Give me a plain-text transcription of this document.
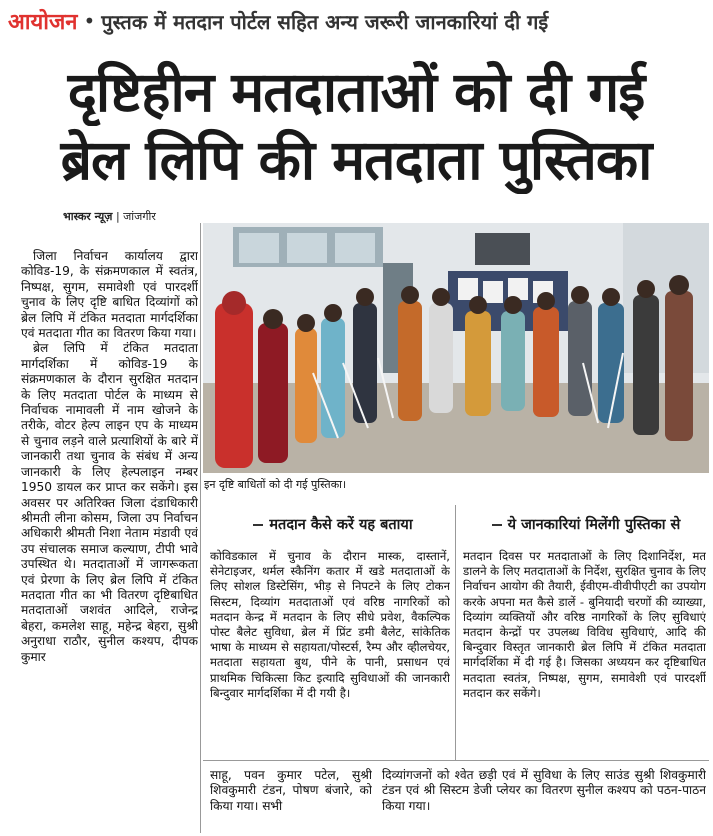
आयोजन • पुस्तक में मतदान पोर्टल सहित अन्य जरूरी जानकारियां दी गई
दृष्टिहीन मतदाताओं को दी गई
ब्रेल लिपि की मतदाता पुस्तिका
भास्कर न्यूज़ | जांजगीर

जिला निर्वाचन कार्यालय द्वारा कोविड-19, के संक्रमणकाल में स्वतंत्र, निष्पक्ष, सुगम, समावेशी एवं पारदर्शी चुनाव के लिए दृष्टि बाधित दिव्यांगों को ब्रेल लिपि में टंकित मतदाता मार्गदर्शिका एवं मतदाता गीत का वितरण किया गया।

ब्रेल लिपि में टंकित मतदाता मार्गदर्शिका में कोविड-19 के संक्रमणकाल के दौरान सुरक्षित मतदान के लिए मतदाता पोर्टल के माध्यम से निर्वाचक नामावली में नाम खोजने के तरीके, वोटर हेल्प लाइन एप के माध्यम से चुनाव लड़ने वाले प्रत्याशियों के बारे में जानकारी तथा चुनाव के संबंध में अन्य जानकारी के लिए हेल्पलाइन नम्बर 1950 डायल कर प्राप्त कर सकेंगे। इस अवसर पर अतिरिक्त जिला दंडाधिकारी श्रीमती लीना कोसम, जिला उप निर्वाचन अधिकारी श्रीमती निशा नेताम मंडावी एवं उप संचालक समाज कल्याण, टीपी भावे उपस्थित थे। मतदाताओं में जागरूकता एवं प्रेरणा के लिए ब्रेल लिपि में टंकित मतदाता गीत का भी वितरण दृष्टिबाधित मतदाताओं जशवंत आदिले, राजेन्द्र बेहरा, कमलेश साहू, महेन्द्र बेहरा, सुश्री अनुराधा राठौर, सुनील कश्यप, दीपक कुमार

इन दृष्टि बाधितों को दी गई पुस्तिका।
मतदान कैसे करें यह बताया
कोविडकाल में चुनाव के दौरान मास्क, दास्तानें, सेनेटाइजर, थर्मल स्कैनिंग कतार में खडे मतदाताओं के लिए सोशल डिस्टेसिंग, भीड़ से निपटने के लिए टोकन सिस्टम, दिव्यांग मतदाताओं एवं वरिष्ठ नागरिकों को मतदान केन्द्र में मतदान के लिए सीधे प्रवेश, वैकल्पिक पोस्ट बैलेट सुविधा, ब्रेल में प्रिंट डमी बैलेट, सांकेतिक भाषा के माध्यम से सहायता/पोस्टर्स, रैम्प और व्हीलचेयर, मतदाता सहायता बुथ, पीने के पानी, प्रसाधन एवं प्राथमिक चिकित्सा किट इत्यादि सुविधाओं की जानकारी बिन्दुवार मार्गदर्शिका में दी गयी है।
ये जानकारियां मिलेंगी पुस्तिका से
मतदान दिवस पर मतदाताओं के लिए दिशानिर्देश, मत डालने के लिए मतदाताओं के निर्देश, सुरक्षित चुनाव के लिए निर्वाचन आयोग की तैयारी, ईवीएम-वीवीपीएटी का उपयोग करके अपना मत कैसे डालें - बुनियादी चरणों की व्याख्या, दिव्यांग व्यक्तियों और वरिष्ठ नागरिकों के लिए सुविधाएं मतदान केन्द्रों पर उपलब्ध विविध सुविधाएं, आदि की बिन्दुवार विस्तृत जानकारी ब्रेल लिपि में टंकित मतदाता मार्गदर्शिका में दी गई है। जिसका अध्ययन कर दृष्टिबाधित मतदाता स्वतंत्र, निष्पक्ष, सुगम, समावेशी एवं पारदर्शी मतदान कर सकेंगे।
साहू, पवन कुमार पटेल, सुश्री शिवकुमारी टंडन, पोषण बंजारे, को किया गया। सभी
दिव्यांगजनों को श्वेत छड़ी एवं में सुविधा के लिए साउंड सुश्री शिवकुमारी टंडन एवं श्री सिस्टम डेजी प्लेयर का वितरण सुनील कश्यप को पठन-पाठन किया गया।
